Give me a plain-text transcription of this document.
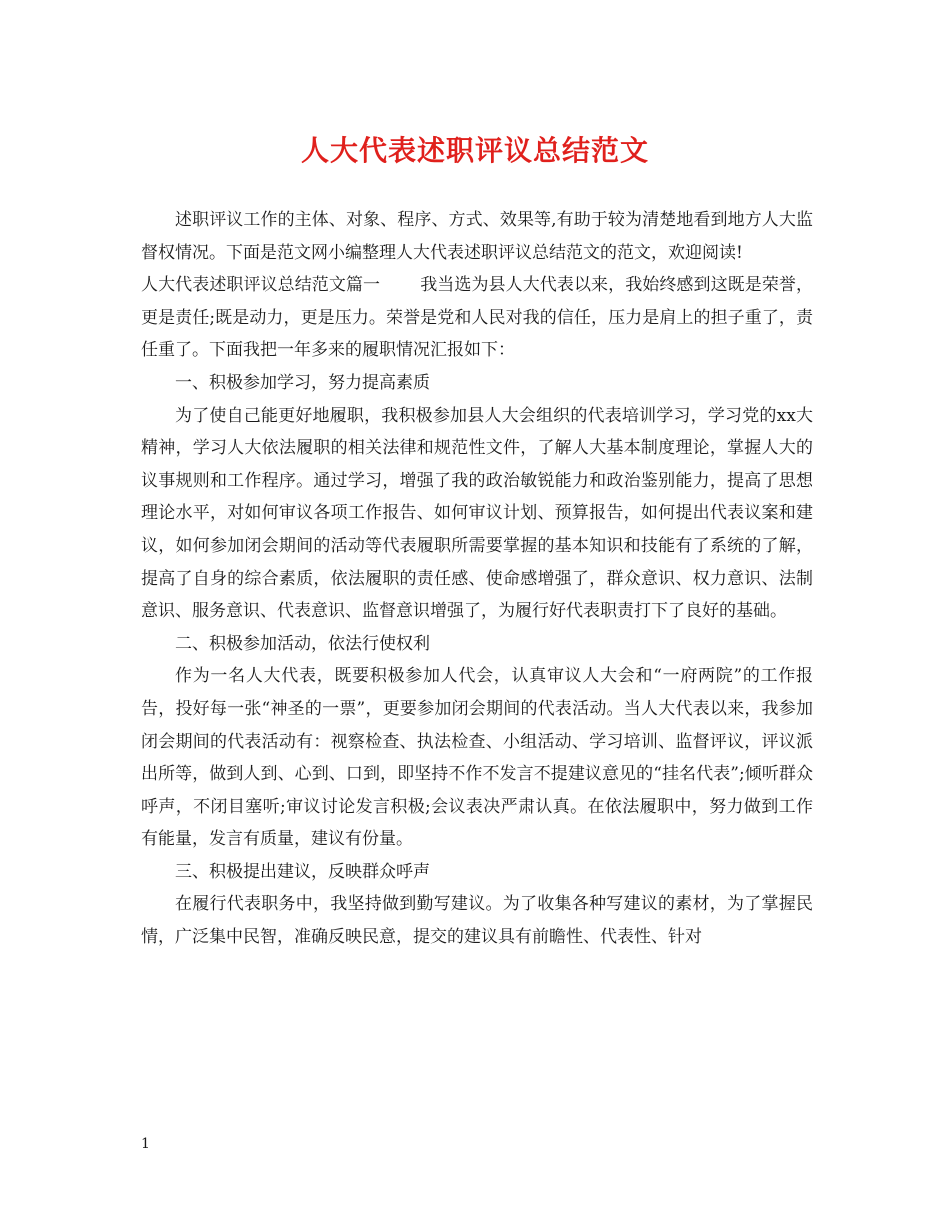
人大代表述职评议总结范文

述职评议工作的主体、对象、程序、方式、效果等,有助于较为清楚地看到地方人大监督权情况。下面是范文网小编整理人大代表述职评议总结范文的范文，欢迎阅读!

人大代表述职评议总结范文篇一 我当选为县人大代表以来，我始终感到这既是荣誉，更是责任;既是动力，更是压力。荣誉是党和人民对我的信任，压力是肩上的担子重了，责任重了。下面我把一年多来的履职情况汇报如下：

一、积极参加学习，努力提高素质

为了使自己能更好地履职，我积极参加县人大会组织的代表培训学习，学习党的xx大精神，学习人大依法履职的相关法律和规范性文件，了解人大基本制度理论，掌握人大的议事规则和工作程序。通过学习，增强了我的政治敏锐能力和政治鉴别能力，提高了思想理论水平，对如何审议各项工作报告、如何审议计划、预算报告，如何提出代表议案和建议，如何参加闭会期间的活动等代表履职所需要掌握的基本知识和技能有了系统的了解，提高了自身的综合素质，依法履职的责任感、使命感增强了，群众意识、权力意识、法制意识、服务意识、代表意识、监督意识增强了，为履行好代表职责打下了良好的基础。

二、积极参加活动，依法行使权利

作为一名人大代表，既要积极参加人代会，认真审议人大会和“一府两院”的工作报告，投好每一张“神圣的一票”，更要参加闭会期间的代表活动。当人大代表以来，我参加闭会期间的代表活动有：视察检查、执法检查、小组活动、学习培训、监督评议，评议派出所等，做到人到、心到、口到，即坚持不作不发言不提建议意见的“挂名代表”;倾听群众呼声，不闭目塞听;审议讨论发言积极;会议表决严肃认真。在依法履职中，努力做到工作有能量，发言有质量，建议有份量。

三、积极提出建议，反映群众呼声

在履行代表职务中，我坚持做到勤写建议。为了收集各种写建议的素材，为了掌握民情，广泛集中民智，准确反映民意，提交的建议具有前瞻性、代表性、针对

1
